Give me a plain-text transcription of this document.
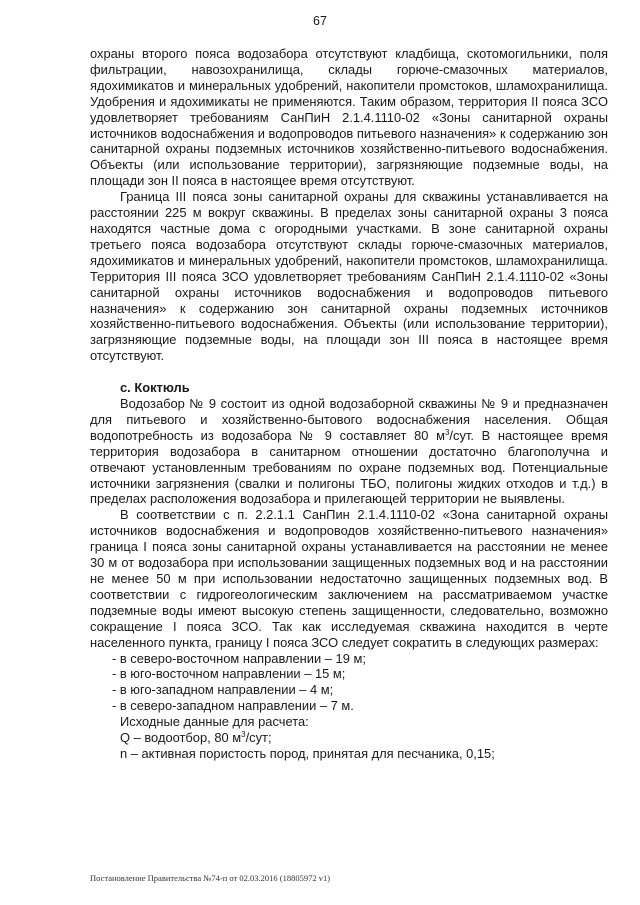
67

охраны второго пояса водозабора отсутствуют кладбища, скотомогильники, поля фильтрации, навозохранилища, склады горюче-смазочных материалов, ядохимикатов и минеральных удобрений, накопители промстоков, шламохранилища. Удобрения и ядохимикаты не применяются. Таким образом, территория II пояса ЗСО удовлетворяет требованиям СанПиН 2.1.4.1110-02 «Зоны санитарной охраны источников водоснабжения и водопроводов питьевого назначения» к содержанию зон санитарной охраны подземных источников хозяйственно-питьевого водоснабжения. Объекты (или использование территории), загрязняющие подземные воды, на площади зон II пояса в настоящее время отсутствуют.

Граница III пояса зоны санитарной охраны для скважины устанавливается на расстоянии 225 м вокруг скважины. В пределах зоны санитарной охраны 3 пояса находятся частные дома с огородными участками. В зоне санитарной охраны третьего пояса водозабора отсутствуют склады горюче-смазочных материалов, ядохимикатов и минеральных удобрений, накопители промстоков, шламохранилища. Территория III пояса ЗСО удовлетворяет требованиям СанПиН 2.1.4.1110-02 «Зоны санитарной охраны источников водоснабжения и водопроводов питьевого назначения» к содержанию зон санитарной охраны подземных источников хозяйственно-питьевого водоснабжения. Объекты (или использование территории), загрязняющие подземные воды, на площади зон III пояса в настоящее время отсутствуют.

с. Коктюль

Водозабор № 9 состоит из одной водозаборной скважины № 9 и предназначен для питьевого и хозяйственно-бытового водоснабжения населения. Общая водопотребность из водозабора № 9 составляет 80 $м^3$/сут. В настоящее время территория водозабора в санитарном отношении достаточно благополучна и отвечают установленным требованиям по охране подземных вод. Потенциальные источники загрязнения (свалки и полигоны ТБО, полигоны жидких отходов и т.д.) в пределах расположения водозабора и прилегающей территории не выявлены.

В соответствии с п. 2.2.1.1 СанПин 2.1.4.1110-02 «Зона санитарной охраны источников водоснабжения и водопроводов хозяйственно-питьевого назначения» граница I пояса зоны санитарной охраны устанавливается на расстоянии не менее 30 м от водозабора при использовании защищенных подземных вод и на расстоянии не менее 50 м при использовании недостаточно защищенных подземных вод. В соответствии с гидрогеологическим заключением на рассматриваемом участке подземные воды имеют высокую степень защищенности, следовательно, возможно сокращение I пояса ЗСО. Так как исследуемая скважина находится в черте населенного пункта, границу I пояса ЗСО следует сократить в следующих размерах:

- в северо-восточном направлении – 19 м;

- в юго-восточном направлении – 15 м;

- в юго-западном направлении – 4 м;

- в северо-западном направлении – 7 м.

Исходные данные для расчета:

Q – водоотбор, 80 $м^3$/сут;

n – активная пористость пород, принятая для песчаника, 0,15;

Постановление Правительства №74-п от 02.03.2016 (18805972 v1)
